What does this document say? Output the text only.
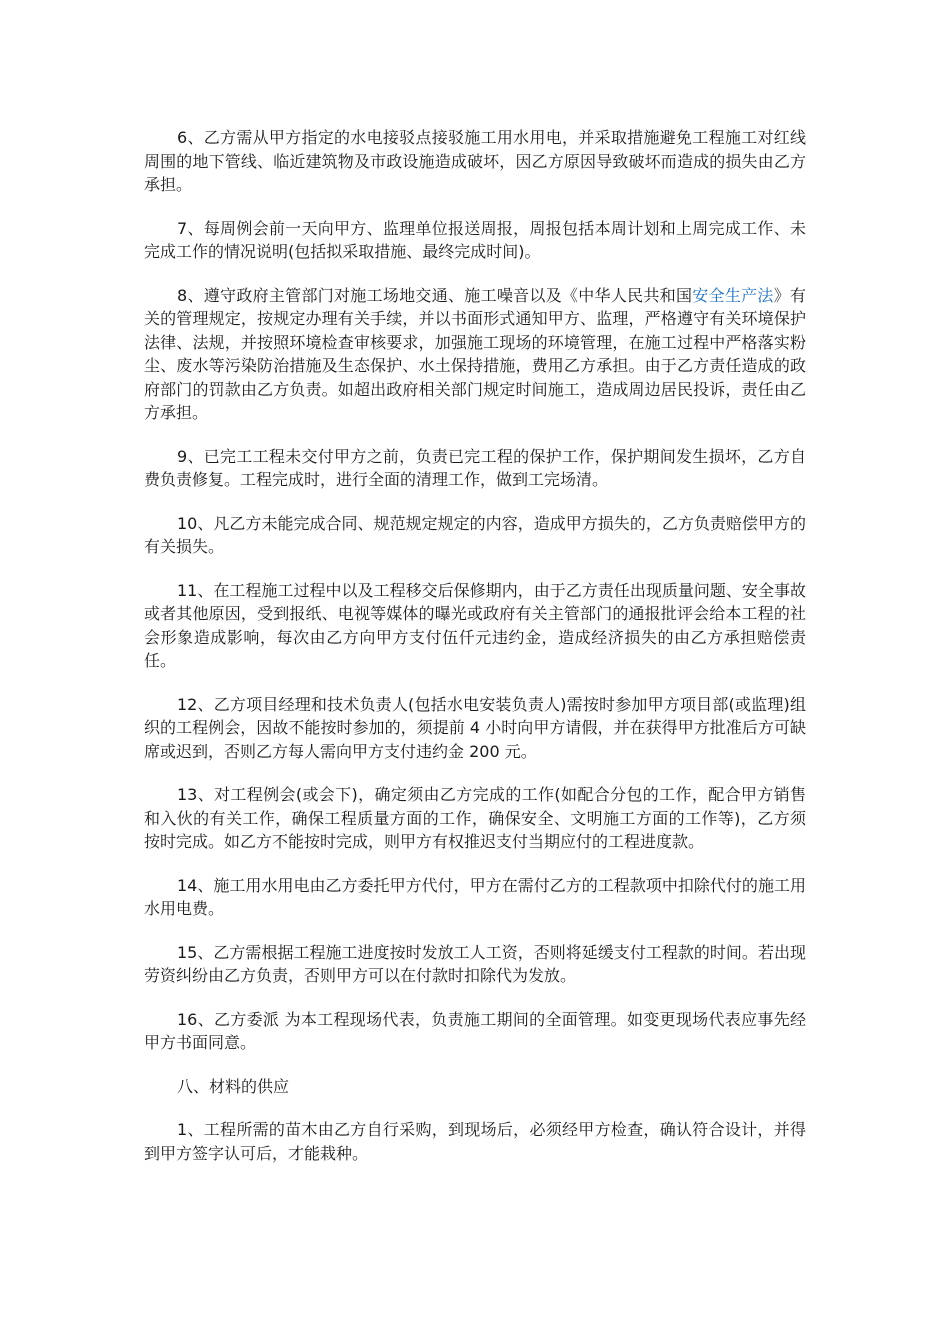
6、乙方需从甲方指定的水电接驳点接驳施工用水用电，并采取措施避免工程施工对红线周围的地下管线、临近建筑物及市政设施造成破坏，因乙方原因导致破坏而造成的损失由乙方承担。

7、每周例会前一天向甲方、监理单位报送周报，周报包括本周计划和上周完成工作、未完成工作的情况说明(包括拟采取措施、最终完成时间)。

8、遵守政府主管部门对施工场地交通、施工噪音以及《中华人民共和国安全生产法》有关的管理规定，按规定办理有关手续，并以书面形式通知甲方、监理，严格遵守有关环境保护法律、法规，并按照环境检查审核要求，加强施工现场的环境管理，在施工过程中严格落实粉尘、废水等污染防治措施及生态保护、水土保持措施，费用乙方承担。由于乙方责任造成的政府部门的罚款由乙方负责。如超出政府相关部门规定时间施工，造成周边居民投诉，责任由乙方承担。

9、已完工工程未交付甲方之前，负责已完工程的保护工作，保护期间发生损坏，乙方自费负责修复。工程完成时，进行全面的清理工作，做到工完场清。

10、凡乙方未能完成合同、规范规定规定的内容，造成甲方损失的，乙方负责赔偿甲方的有关损失。

11、在工程施工过程中以及工程移交后保修期内，由于乙方责任出现质量问题、安全事故或者其他原因，受到报纸、电视等媒体的曝光或政府有关主管部门的通报批评会给本工程的社会形象造成影响，每次由乙方向甲方支付伍仟元违约金，造成经济损失的由乙方承担赔偿责任。

12、乙方项目经理和技术负责人(包括水电安装负责人)需按时参加甲方项目部(或监理)组织的工程例会，因故不能按时参加的，须提前 4 小时向甲方请假，并在获得甲方批准后方可缺席或迟到，否则乙方每人需向甲方支付违约金 200 元。

13、对工程例会(或会下)，确定须由乙方完成的工作(如配合分包的工作，配合甲方销售和入伙的有关工作，确保工程质量方面的工作，确保安全、文明施工方面的工作等)，乙方须按时完成。如乙方不能按时完成，则甲方有权推迟支付当期应付的工程进度款。

14、施工用水用电由乙方委托甲方代付，甲方在需付乙方的工程款项中扣除代付的施工用水用电费。

15、乙方需根据工程施工进度按时发放工人工资，否则将延缓支付工程款的时间。若出现劳资纠纷由乙方负责，否则甲方可以在付款时扣除代为发放。

16、乙方委派 为本工程现场代表，负责施工期间的全面管理。如变更现场代表应事先经甲方书面同意。

八、材料的供应

1、工程所需的苗木由乙方自行采购，到现场后，必须经甲方检查，确认符合设计，并得到甲方签字认可后，才能栽种。
